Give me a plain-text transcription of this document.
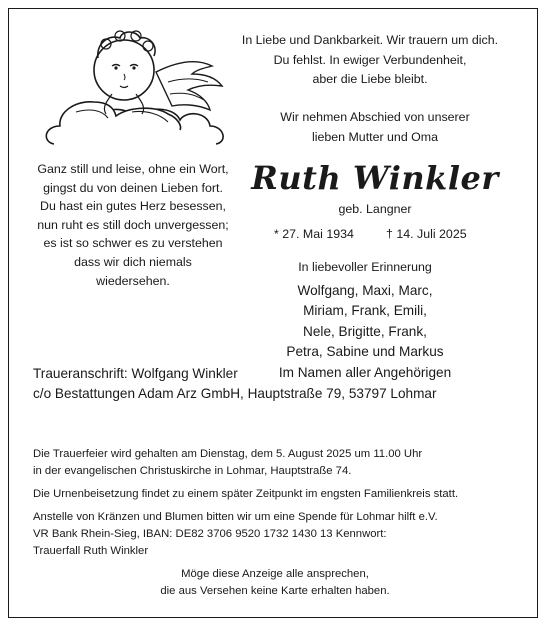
In Liebe und Dankbarkeit. Wir trauern um dich.
Du fehlst. In ewiger Verbundenheit,
aber die Liebe bleibt.
Wir nehmen Abschied von unserer
lieben Mutter und Oma
Ganz still und leise, ohne ein Wort,
gingst du von deinen Lieben fort.
Du hast ein gutes Herz besessen,
nun ruht es still doch unvergessen;
es ist so schwer es zu verstehen
dass wir dich niemals
wiedersehen.
Ruth Winkler
geb. Langner
* 27. Mai 1934	† 14. Juli 2025
In liebevoller Erinnerung
Wolfgang, Maxi, Marc,
Miriam, Frank, Emili,
Nele, Brigitte, Frank,
Petra, Sabine und Markus
Im Namen aller Angehörigen
Traueranschrift: Wolfgang Winkler
c/o Bestattungen Adam Arz GmbH, Hauptstraße 79, 53797 Lohmar

Die Trauerfeier wird gehalten am Dienstag, dem 5. August 2025 um 11.00 Uhr
in der evangelischen Christuskirche in Lohmar, Hauptstraße 74.

Die Urnenbeisetzung findet zu einem später Zeitpunkt im engsten Familienkreis statt.

Anstelle von Kränzen und Blumen bitten wir um eine Spende für Lohmar hilft e.V.
VR Bank Rhein-Sieg, IBAN: DE82 3706 9520 1732 1430 13 Kennwort:
Trauerfall Ruth Winkler

Möge diese Anzeige alle ansprechen,
die aus Versehen keine Karte erhalten haben.
